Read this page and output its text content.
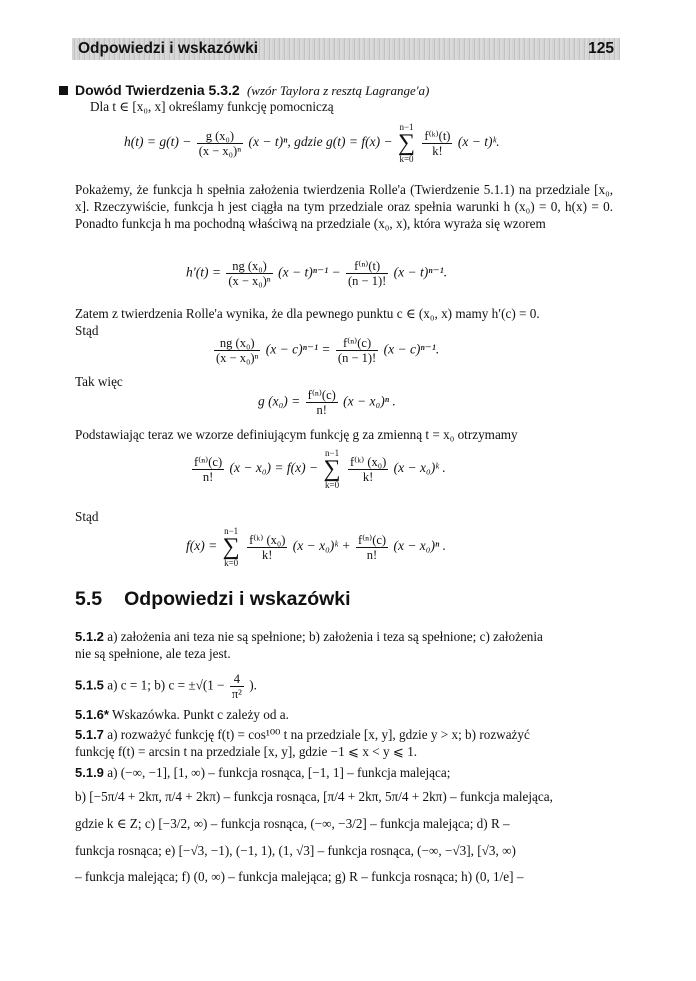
Odpowiedzi i wskazówki	125
Dowód Twierdzenia 5.3.2 (wzór Taylora z resztą Lagrange'a)
Dla t ∈ [x₀, x] określamy funkcję pomocniczą
$h(t) = g(t) - \frac{\text{g (x₀)}}{\text{(x − x₀)ⁿ}} (x - t)^n$, gdzie g(t) = f(x) −
n−1
∑
k=0

$\frac{\text{f⁽ᵏ⁾(t)}}{k!} (x$ − t)ᵏ.
Pokażemy, że funkcja h spełnia założenia twierdzenia Rolle'a (Twierdzenie 5.1.1) na przedziale [x₀, x]. Rzeczywiście, funkcja h jest ciągła na tym przedziale oraz spełnia warunki h (x₀) = 0, h(x) = 0. Ponadto funkcja h ma pochodną właściwą na przedziale (x₀, x), która wyraża się wzorem
$h'(t) = \frac{\text{ng (x₀)}}{\text{(x − x₀)ⁿ}} (x - t)^{n-1} - \frac{\text{f⁽ⁿ⁾(t)}}{(n - 1)!} (x - t)^{n-1}$.
Zatem z twierdzenia Rolle'a wynika, że dla pewnego punktu c ∈ (x₀, x) mamy h′(c) = 0.
Stąd
$\frac{\text{ng (x₀)}}{\text{(x − x₀)ⁿ}} (x - c)^{n-1} = \frac{\text{f⁽ⁿ⁾(c)}}{(n - 1)!} (x - c)^{n-1}$.
Tak więc
g $(x_0) = \frac{\text{f⁽ⁿ⁾(c)}}{n!} (x - x_0)^n$ .
Podstawiając teraz we wzorze definiującym funkcję g za zmienną t = x₀ otrzymamy
$\frac{\text{f⁽ⁿ⁾(c)}}{n!} (x - x_0) = f(x)$ −
n−1
∑
k=0

$\frac{\text{f⁽ᵏ⁾ (x₀)}}{k!} (x$ − x₀)ᵏ .
Stąd
f(x) =
n−1
∑
k=0

$\frac{\text{f⁽ᵏ⁾ (x₀)}}{k!} (x$ − x₀)ᵏ + $\frac{\text{f⁽ⁿ⁾(c)}}{n!} (x - x_0)^n$ .
5.5 Odpowiedzi i wskazówki
5.1.2 a) założenia ani teza nie są spełnione; b) założenia i teza są spełnione; c) założenia
nie są spełnione, ale teza jest.
5.1.5 a) c = 1; b) $c = \pm√(1 - \frac{4}{\text{π²}}$ ).
5.1.6* Wskazówka. Punkt c zależy od a.
5.1.7 a) rozważyć funkcję f(t) = cos¹⁰⁰ t na przedziale [x, y], gdzie y > x; b) rozważyć
funkcję f(t) = arcsin t na przedziale [x, y], gdzie −1 ⩽ x < y ⩽ 1.
5.1.9 a) (−∞, −1], [1, ∞) – funkcja rosnąca, [−1, 1] – funkcja malejąca;
b) [−5π/4 + 2kπ, π/4 + 2kπ) – funkcja rosnąca, [π/4 + 2kπ, 5π/4 + 2kπ) – funkcja malejąca,
gdzie k ∈ Z; c) [−3/2, ∞) – funkcja rosnąca, (−∞, −3/2] – funkcja malejąca; d) R –
funkcja rosnąca; e) [−√3, −1), (−1, 1), (1, √3] – funkcja rosnąca, (−∞, −√3], [√3, ∞)
– funkcja malejąca; f) (0, ∞) – funkcja malejąca; g) R – funkcja rosnąca; h) (0, 1/e] –
